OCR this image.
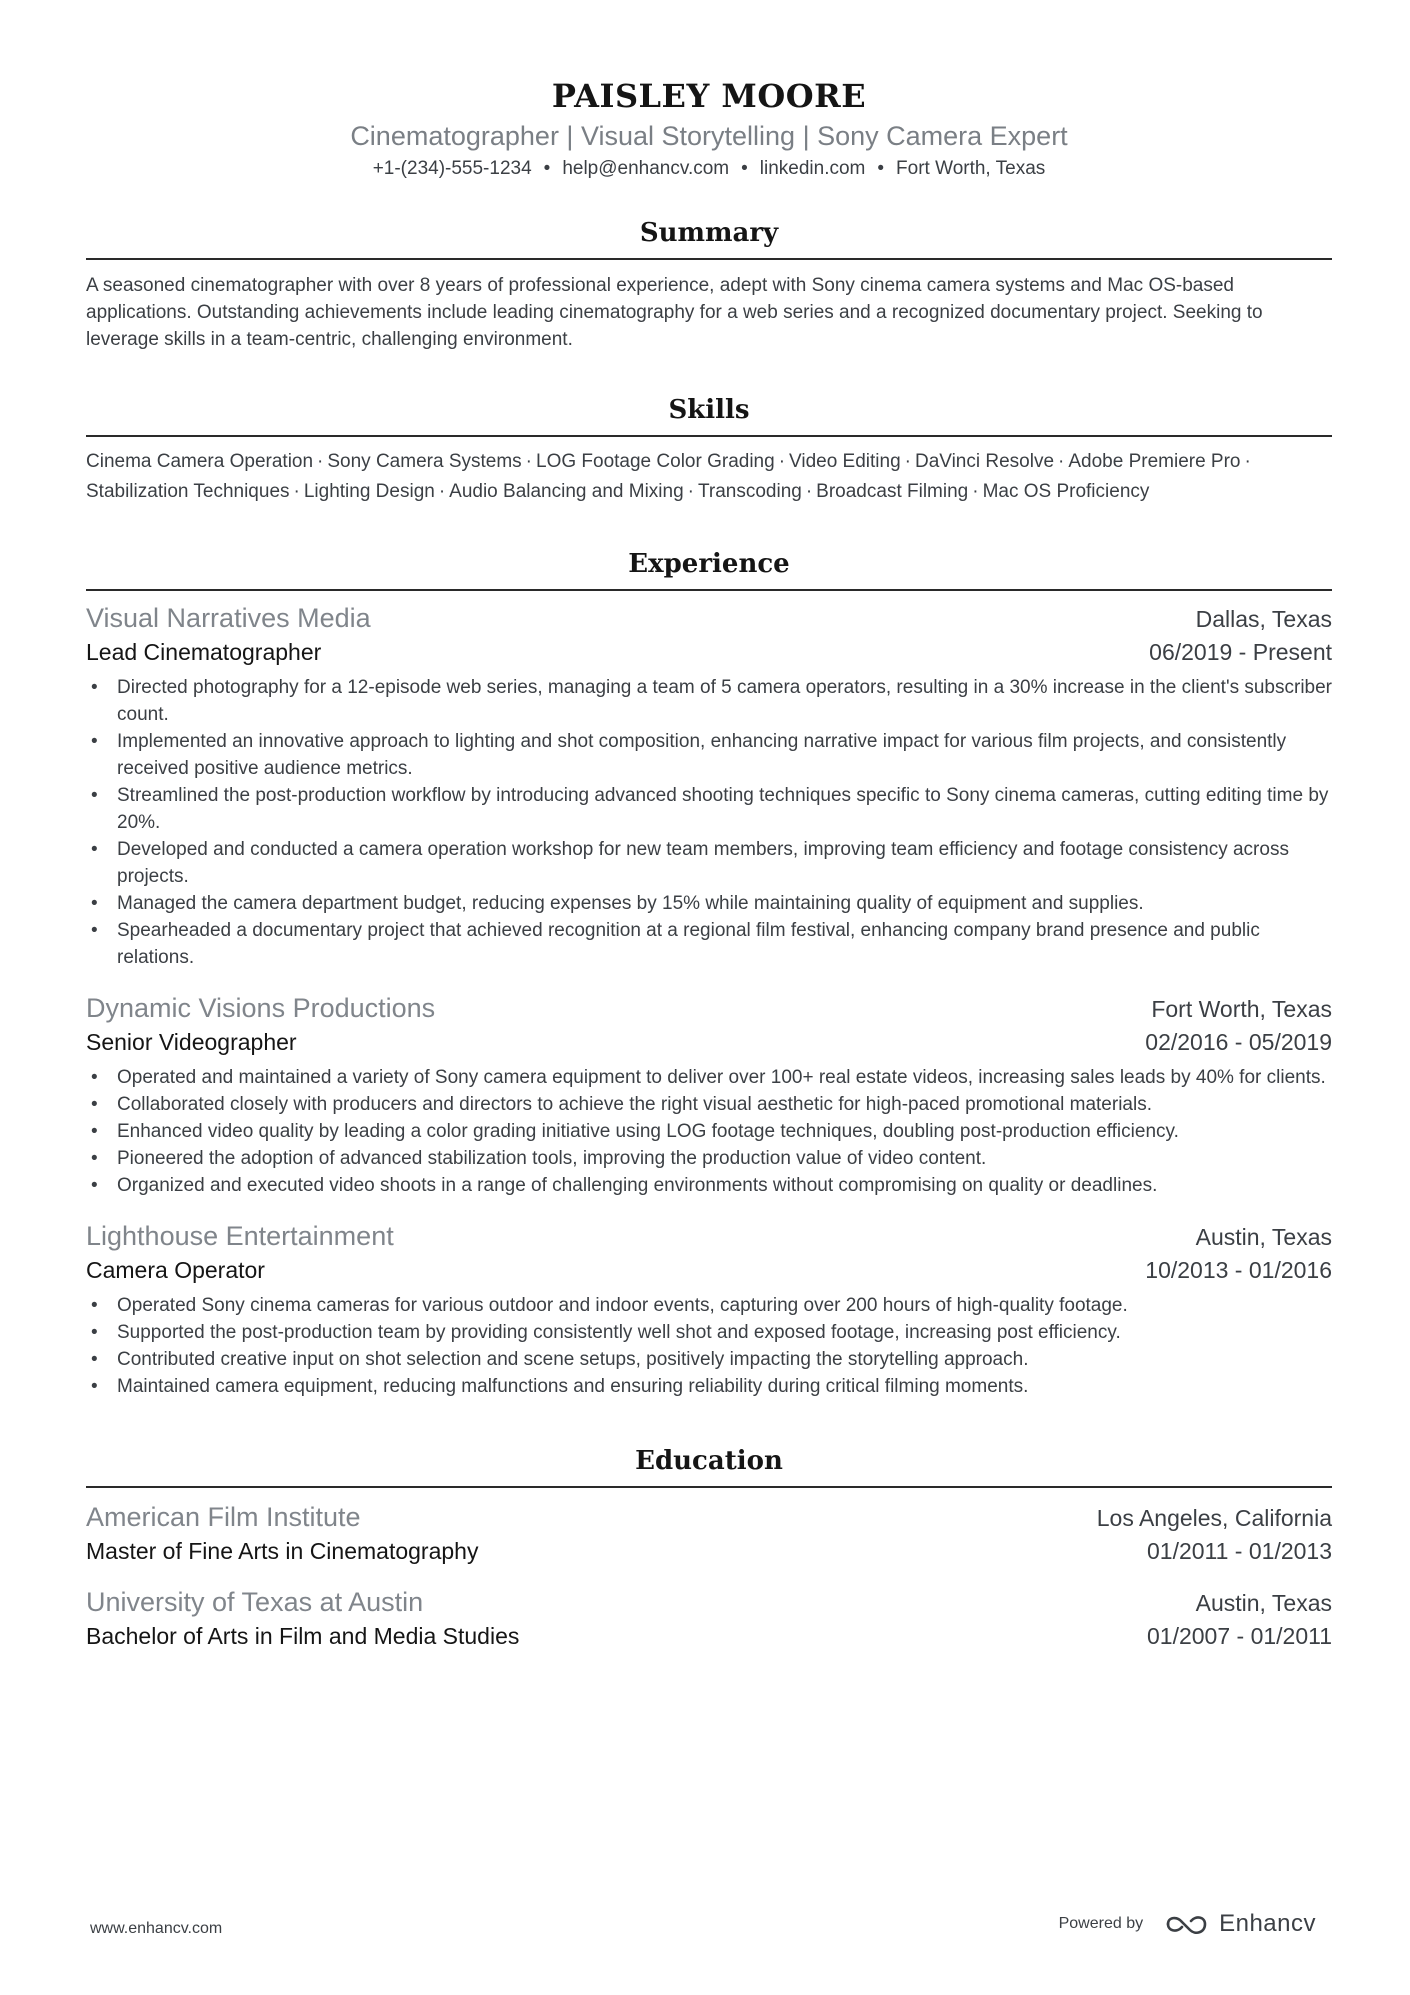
PAISLEY MOORE
Cinematographer | Visual Storytelling | Sony Camera Expert
+1-(234)-555-1234 • help@enhancv.com • linkedin.com • Fort Worth, Texas
Summary

A seasoned cinematographer with over 8 years of professional experience, adept with Sony cinema camera systems and Mac OS-based applications. Outstanding achievements include leading cinematography for a web series and a recognized documentary project. Seeking to leverage skills in a team-centric, challenging environment.

Skills
Cinema Camera Operation · Sony Camera Systems · LOG Footage Color Grading · Video Editing · DaVinci Resolve · Adobe Premiere Pro ·
Stabilization Techniques · Lighting Design · Audio Balancing and Mixing · Transcoding · Broadcast Filming · Mac OS Proficiency
Experience
Visual Narratives Media	Dallas, Texas
Lead Cinematographer	06/2019 - Present
• Directed photography for a 12-episode web series, managing a team of 5 camera operators, resulting in a 30% increase in the client's subscriber count.
• Implemented an innovative approach to lighting and shot composition, enhancing narrative impact for various film projects, and consistently received positive audience metrics.
• Streamlined the post-production workflow by introducing advanced shooting techniques specific to Sony cinema cameras, cutting editing time by 20%.
• Developed and conducted a camera operation workshop for new team members, improving team efficiency and footage consistency across projects.
• Managed the camera department budget, reducing expenses by 15% while maintaining quality of equipment and supplies.
• Spearheaded a documentary project that achieved recognition at a regional film festival, enhancing company brand presence and public relations.
Dynamic Visions Productions	Fort Worth, Texas
Senior Videographer	02/2016 - 05/2019
• Operated and maintained a variety of Sony camera equipment to deliver over 100+ real estate videos, increasing sales leads by 40% for clients.
• Collaborated closely with producers and directors to achieve the right visual aesthetic for high-paced promotional materials.
• Enhanced video quality by leading a color grading initiative using LOG footage techniques, doubling post-production efficiency.
• Pioneered the adoption of advanced stabilization tools, improving the production value of video content.
• Organized and executed video shoots in a range of challenging environments without compromising on quality or deadlines.
Lighthouse Entertainment	Austin, Texas
Camera Operator	10/2013 - 01/2016
• Operated Sony cinema cameras for various outdoor and indoor events, capturing over 200 hours of high-quality footage.
• Supported the post-production team by providing consistently well shot and exposed footage, increasing post efficiency.
• Contributed creative input on shot selection and scene setups, positively impacting the storytelling approach.
• Maintained camera equipment, reducing malfunctions and ensuring reliability during critical filming moments.
Education
American Film Institute	Los Angeles, California
Master of Fine Arts in Cinematography	01/2011 - 01/2013
University of Texas at Austin	Austin, Texas
Bachelor of Arts in Film and Media Studies	01/2007 - 01/2011
www.enhancv.com	Powered by	Enhancv
